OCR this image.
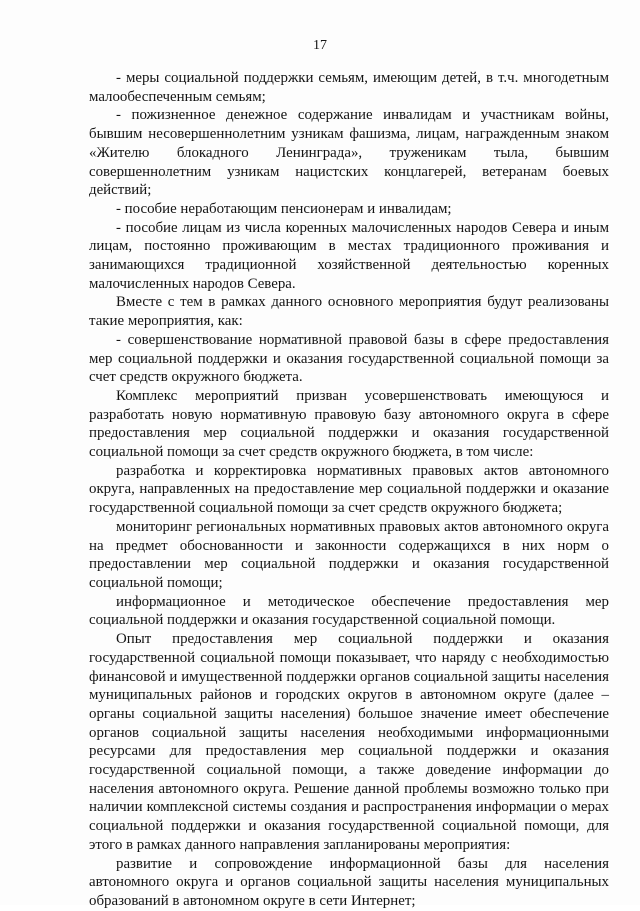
17

- меры социальной поддержки семьям, имеющим детей, в т.ч. многодетным малообеспеченным семьям;

- пожизненное денежное содержание инвалидам и участникам войны, бывшим несовершеннолетним узникам фашизма, лицам, награжденным знаком «Жителю блокадного Ленинграда», труженикам тыла, бывшим совершеннолетним узникам нацистских концлагерей, ветеранам боевых действий;

- пособие неработающим пенсионерам и инвалидам;

- пособие лицам из числа коренных малочисленных народов Севера и иным лицам, постоянно проживающим в местах традиционного проживания и занимающихся традиционной хозяйственной деятельностью коренных малочисленных народов Севера.

Вместе с тем в рамках данного основного мероприятия будут реализованы такие мероприятия, как:

- совершенствование нормативной правовой базы в сфере предоставления мер социальной поддержки и оказания государственной социальной помощи за счет средств окружного бюджета.

Комплекс мероприятий призван усовершенствовать имеющуюся и разработать новую нормативную правовую базу автономного округа в сфере предоставления мер социальной поддержки и оказания государственной социальной помощи за счет средств окружного бюджета, в том числе:

разработка и корректировка нормативных правовых актов автономного округа, направленных на предоставление мер социальной поддержки и оказание государственной социальной помощи за счет средств окружного бюджета;

мониторинг региональных нормативных правовых актов автономного округа на предмет обоснованности и законности содержащихся в них норм о предоставлении мер социальной поддержки и оказания государственной социальной помощи;

информационное и методическое обеспечение предоставления мер социальной поддержки и оказания государственной социальной помощи.

Опыт предоставления мер социальной поддержки и оказания государственной социальной помощи показывает, что наряду с необходимостью финансовой и имущественной поддержки органов социальной защиты населения муниципальных районов и городских округов в автономном округе (далее – органы социальной защиты населения) большое значение имеет обеспечение органов социальной защиты населения необходимыми информационными ресурсами для предоставления мер социальной поддержки и оказания государственной социальной помощи, а также доведение информации до населения автономного округа. Решение данной проблемы возможно только при наличии комплексной системы создания и распространения информации о мерах социальной поддержки и оказания государственной социальной помощи, для этого в рамках данного направления запланированы мероприятия:

развитие и сопровождение информационной базы для населения автономного округа и органов социальной защиты населения муниципальных образований в автономном округе в сети Интернет;
